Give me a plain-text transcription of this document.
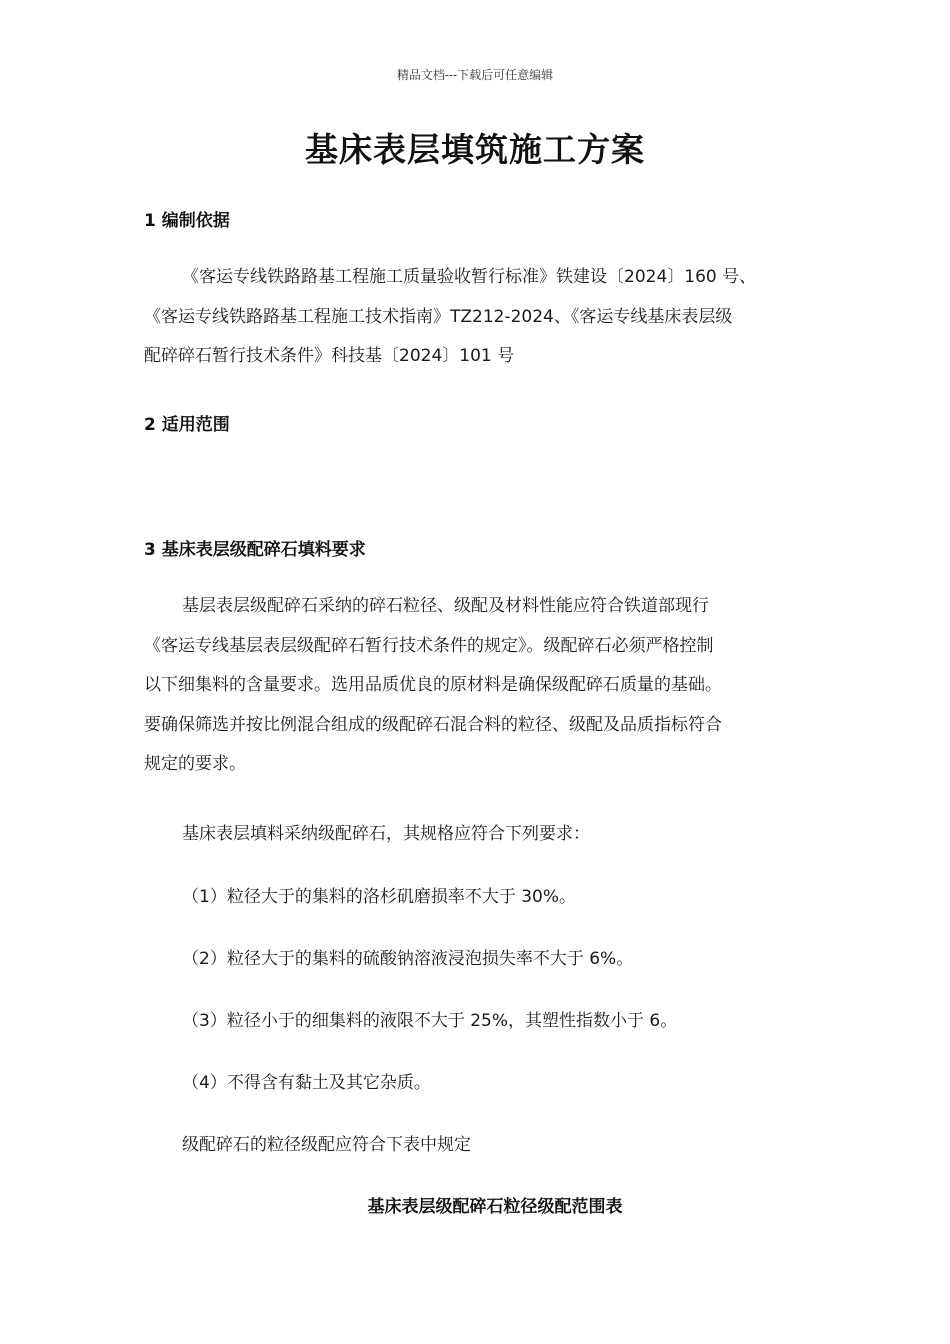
精品文档---下载后可任意编辑
基床表层填筑施工方案
1 编制依据
《客运专线铁路路基工程施工质量验收暂行标准》铁建设〔2024〕160 号、
《客运专线铁路路基工程施工技术指南》TZ212-2024、《客运专线基床表层级
配碎碎石暂行技术条件》科技基〔2024〕101 号
2 适用范围
3 基床表层级配碎石填料要求
基层表层级配碎石采纳的碎石粒径、级配及材料性能应符合铁道部现行
《客运专线基层表层级配碎石暂行技术条件的规定》。级配碎石必须严格控制
以下细集料的含量要求。选用品质优良的原材料是确保级配碎石质量的基础。
要确保筛选并按比例混合组成的级配碎石混合料的粒径、级配及品质指标符合
规定的要求。
基床表层填料采纳级配碎石，其规格应符合下列要求：
（1）粒径大于的集料的洛杉矶磨损率不大于 30%。
（2）粒径大于的集料的硫酸钠溶液浸泡损失率不大于 6%。
（3）粒径小于的细集料的液限不大于 25%，其塑性指数小于 6。
（4）不得含有黏土及其它杂质。
级配碎石的粒径级配应符合下表中规定
基床表层级配碎石粒径级配范围表
